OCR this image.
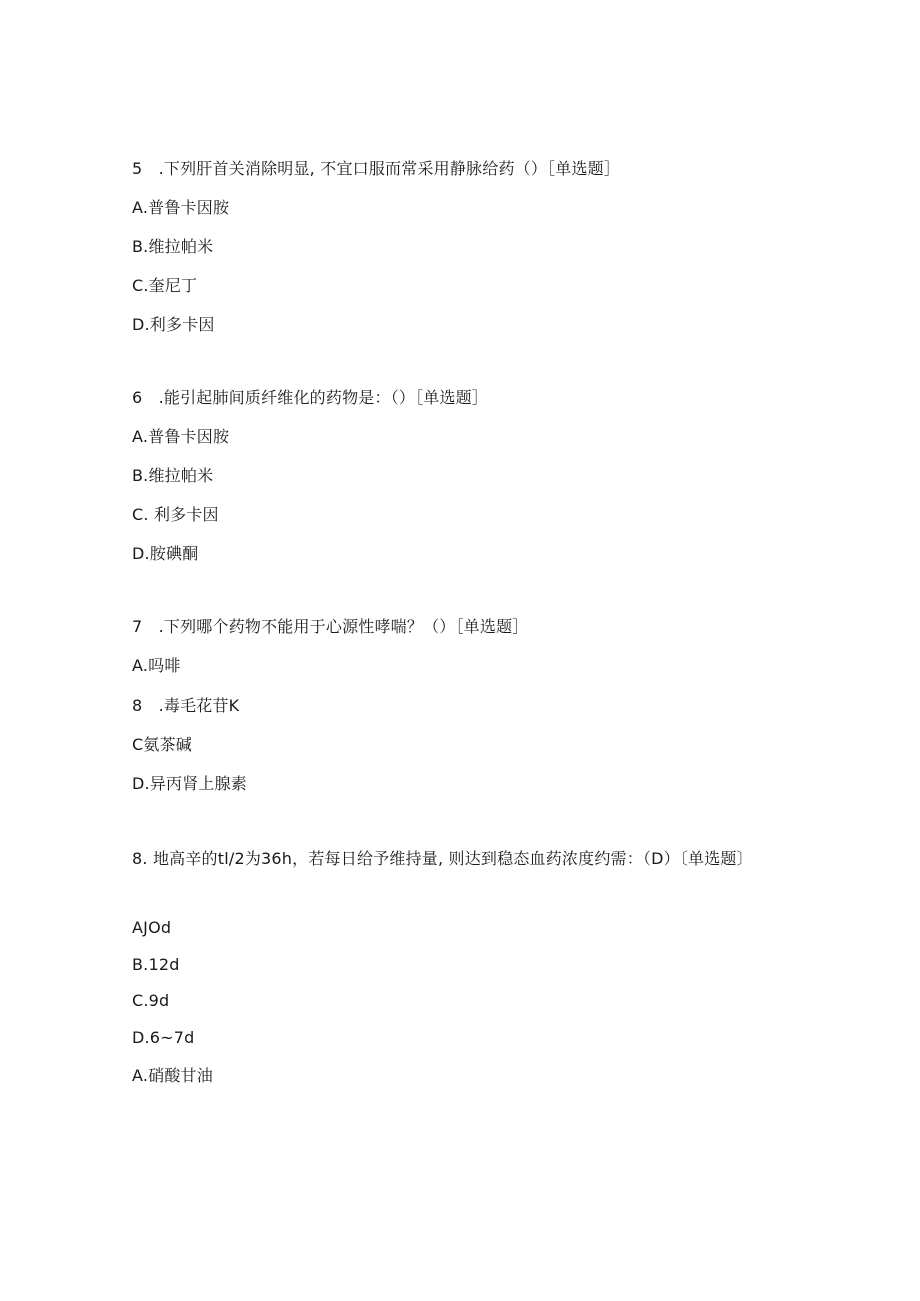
5　.下列肝首关消除明显, 不宜口服而常采用静脉给药（）［单选题］
A.普鲁卡因胺
B.维拉帕米
C.奎尼丁
D.利多卡因
6　.能引起肺间质纤维化的药物是：（）［单选题］
A.普鲁卡因胺
B.维拉帕米
C. 利多卡因
D.胺碘酮
7　.下列哪个药物不能用于心源性哮喘？（）［单选题］
A.吗啡
8　.毒毛花苷K
C氨茶碱
D.异丙肾上腺素
8. 地高辛的tl/2为36h，若每日给予维持量, 则达到稳态血药浓度约需：（D）〔单选题〕
AJOd
B.12d
C.9d
D.6~7d
A.硝酸甘油
